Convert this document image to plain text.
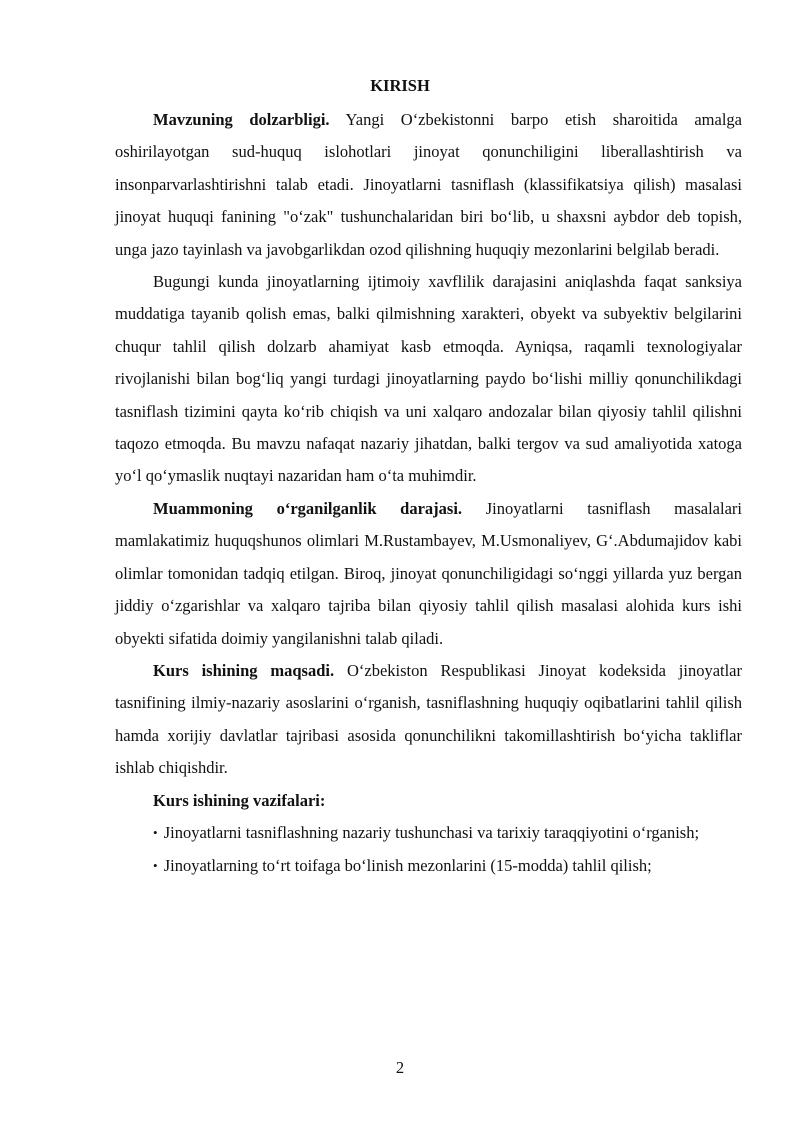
KIRISH

Mavzuning dolzarbligi. Yangi O‘zbekistonni barpo etish sharoitida amalga oshirilayotgan sud-huquq islohotlari jinoyat qonunchiligini liberallashtirish va insonparvarlashtirishni talab etadi. Jinoyatlarni tasniflash (klassifikatsiya qilish) masalasi jinoyat huquqi fanining "o‘zak" tushunchalaridan biri bo‘lib, u shaxsni aybdor deb topish, unga jazo tayinlash va javobgarlikdan ozod qilishning huquqiy mezonlarini belgilab beradi.

Bugungi kunda jinoyatlarning ijtimoiy xavflilik darajasini aniqlashda faqat sanksiya muddatiga tayanib qolish emas, balki qilmishning xarakteri, obyekt va subyektiv belgilarini chuqur tahlil qilish dolzarb ahamiyat kasb etmoqda. Ayniqsa, raqamli texnologiyalar rivojlanishi bilan bog‘liq yangi turdagi jinoyatlarning paydo bo‘lishi milliy qonunchilikdagi tasniflash tizimini qayta ko‘rib chiqish va uni xalqaro andozalar bilan qiyosiy tahlil qilishni taqozo etmoqda. Bu mavzu nafaqat nazariy jihatdan, balki tergov va sud amaliyotida xatoga yo‘l qo‘ymaslik nuqtayi nazaridan ham o‘ta muhimdir.

Muammoning o‘rganilganlik darajasi. Jinoyatlarni tasniflash masalalari mamlakatimiz huquqshunos olimlari M.Rustambayev, M.Usmonaliyev, G‘.Abdumajidov kabi olimlar tomonidan tadqiq etilgan. Biroq, jinoyat qonunchiligidagi so‘nggi yillarda yuz bergan jiddiy o‘zgarishlar va xalqaro tajriba bilan qiyosiy tahlil qilish masalasi alohida kurs ishi obyekti sifatida doimiy yangilanishni talab qiladi.

Kurs ishining maqsadi. O‘zbekiston Respublikasi Jinoyat kodeksida jinoyatlar tasnifining ilmiy-nazariy asoslarini o‘rganish, tasniflashning huquqiy oqibatlarini tahlil qilish hamda xorijiy davlatlar tajribasi asosida qonunchilikni takomillashtirish bo‘yicha takliflar ishlab chiqishdir.

Kurs ishining vazifalari:

• Jinoyatlarni tasniflashning nazariy tushunchasi va tarixiy taraqqiyotini o‘rganish;

• Jinoyatlarning to‘rt toifaga bo‘linish mezonlarini (15-modda) tahlil qilish;

2
